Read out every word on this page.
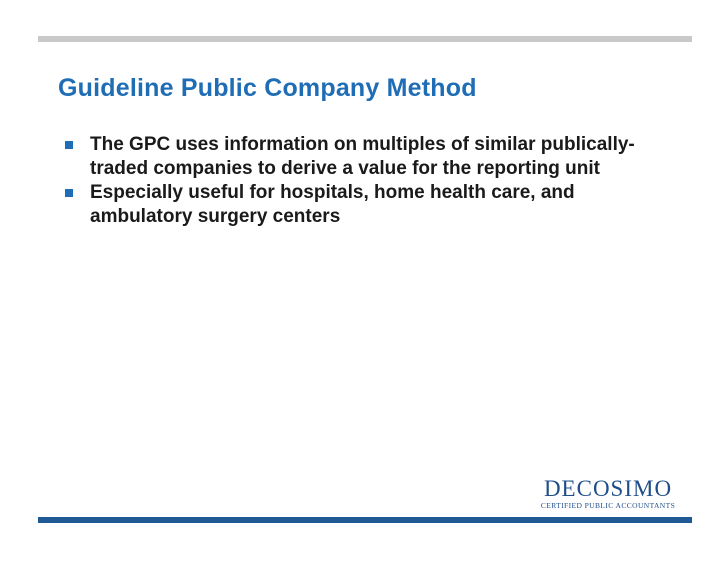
Guideline Public Company Method
The GPC uses information on multiples of similar publically-traded companies to derive a value for the reporting unit
Especially useful for hospitals, home health care, and ambulatory surgery centers
DECOSIMO
CERTIFIED PUBLIC ACCOUNTANTS
